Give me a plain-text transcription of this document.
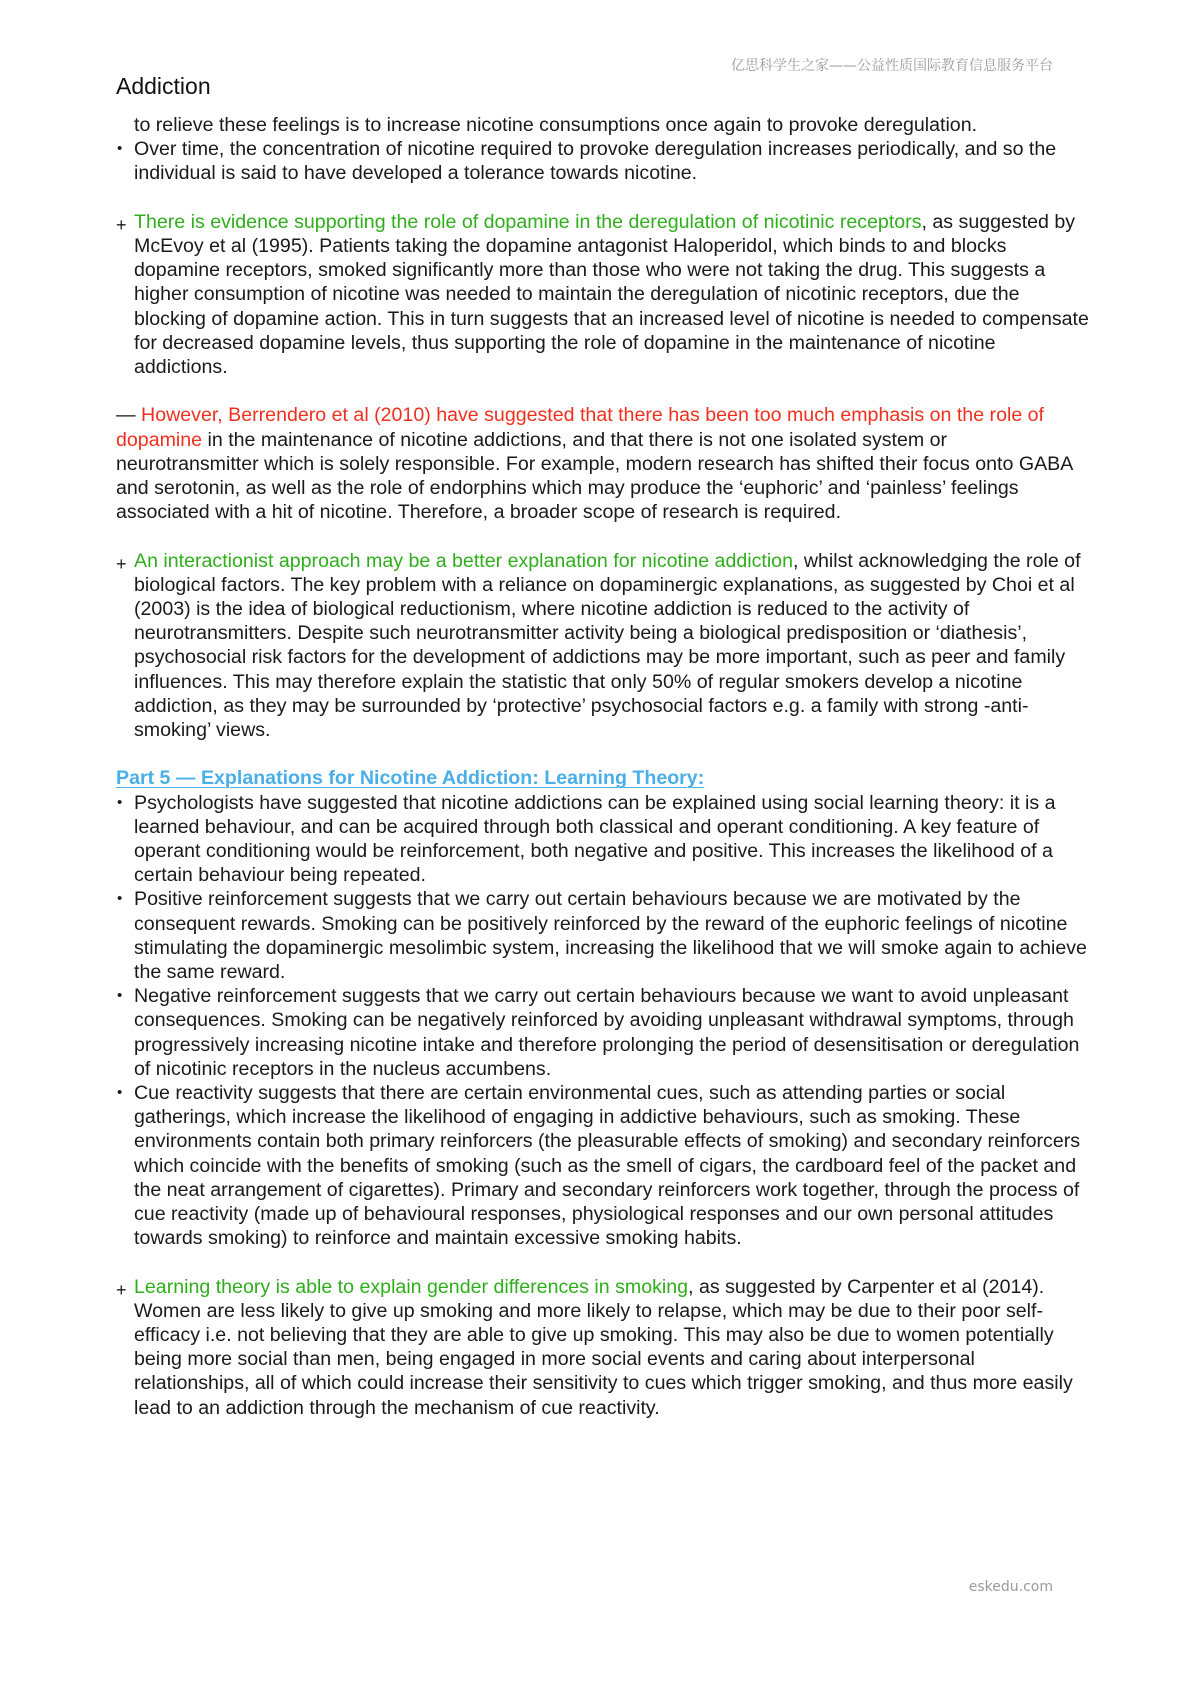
亿思科学生之家——公益性质国际教育信息服务平台
Addiction

to relieve these feelings is to increase nicotine consumptions once again to provoke deregulation.

• Over time, the concentration of nicotine required to provoke deregulation increases periodically, and so the individual is said to have developed a tolerance towards nicotine.
+ There is evidence supporting the role of dopamine in the deregulation of nicotinic receptors, as suggested by McEvoy et al (1995). Patients taking the dopamine antagonist Haloperidol, which binds to and blocks dopamine receptors, smoked significantly more than those who were not taking the drug. This suggests a higher consumption of nicotine was needed to maintain the deregulation of nicotinic receptors, due the blocking of dopamine action. This in turn suggests that an increased level of nicotine is needed to compensate for decreased dopamine levels, thus supporting the role of dopamine in the maintenance of nicotine addictions.

— However, Berrendero et al (2010) have suggested that there has been too much emphasis on the role of dopamine in the maintenance of nicotine addictions, and that there is not one isolated system or neurotransmitter which is solely responsible. For example, modern research has shifted their focus onto GABA and serotonin, as well as the role of endorphins which may produce the ‘euphoric’ and ‘painless’ feelings associated with a hit of nicotine. Therefore, a broader scope of research is required.

+ An interactionist approach may be a better explanation for nicotine addiction, whilst acknowledging the role of biological factors. The key problem with a reliance on dopaminergic explanations, as suggested by Choi et al (2003) is the idea of biological reductionism, where nicotine addiction is reduced to the activity of neurotransmitters. Despite such neurotransmitter activity being a biological predisposition or ‘diathesis’, psychosocial risk factors for the development of addictions may be more important, such as peer and family influences. This may therefore explain the statistic that only 50% of regular smokers develop a nicotine addiction, as they may be surrounded by ‘protective’ psychosocial factors e.g. a family with strong -anti-smoking’ views.

Part 5 — Explanations for Nicotine Addiction: Learning Theory:

• Psychologists have suggested that nicotine addictions can be explained using social learning theory: it is a learned behaviour, and can be acquired through both classical and operant conditioning. A key feature of operant conditioning would be reinforcement, both negative and positive. This increases the likelihood of a certain behaviour being repeated.
• Positive reinforcement suggests that we carry out certain behaviours because we are motivated by the consequent rewards. Smoking can be positively reinforced by the reward of the euphoric feelings of nicotine stimulating the dopaminergic mesolimbic system, increasing the likelihood that we will smoke again to achieve the same reward.
• Negative reinforcement suggests that we carry out certain behaviours because we want to avoid unpleasant consequences. Smoking can be negatively reinforced by avoiding unpleasant withdrawal symptoms, through progressively increasing nicotine intake and therefore prolonging the period of desensitisation or deregulation of nicotinic receptors in the nucleus accumbens.
• Cue reactivity suggests that there are certain environmental cues, such as attending parties or social gatherings, which increase the likelihood of engaging in addictive behaviours, such as smoking. These environments contain both primary reinforcers (the pleasurable effects of smoking) and secondary reinforcers which coincide with the benefits of smoking (such as the smell of cigars, the cardboard feel of the packet and the neat arrangement of cigarettes). Primary and secondary reinforcers work together, through the process of cue reactivity (made up of behavioural responses, physiological responses and our own personal attitudes towards smoking) to reinforce and maintain excessive smoking habits.
+ Learning theory is able to explain gender differences in smoking, as suggested by Carpenter et al (2014). Women are less likely to give up smoking and more likely to relapse, which may be due to their poor self-efficacy i.e. not believing that they are able to give up smoking. This may also be due to women potentially being more social than men, being engaged in more social events and caring about interpersonal relationships, all of which could increase their sensitivity to cues which trigger smoking, and thus more easily lead to an addiction through the mechanism of cue reactivity.
eskedu.com
